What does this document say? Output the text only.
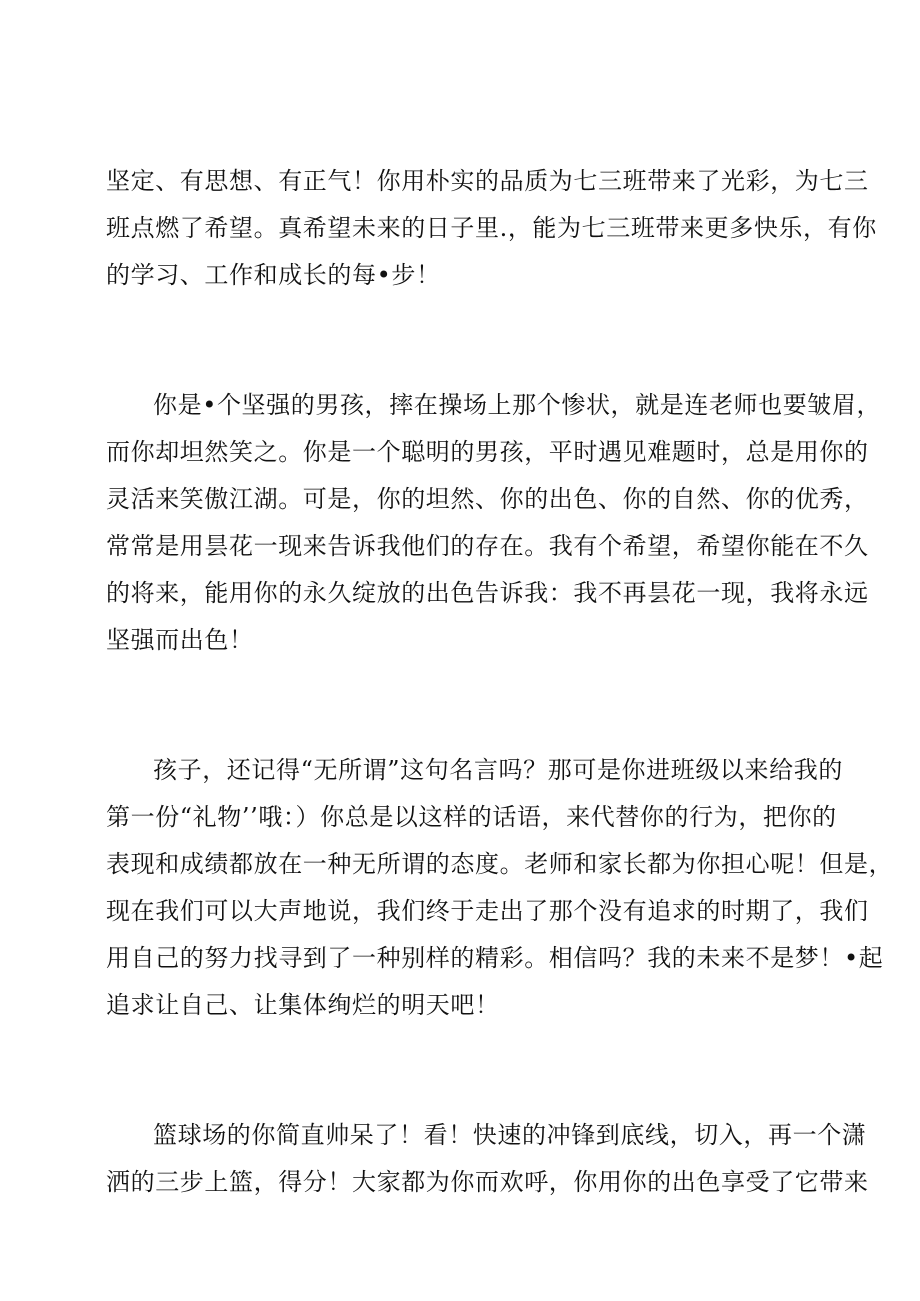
坚定、有思想、有正气！你用朴实的品质为七三班带来了光彩，为七三
班点燃了希望。真希望未来的日子里.，能为七三班带来更多快乐，有你
的学习、工作和成长的每•步！

你是•个坚强的男孩，摔在操场上那个惨状，就是连老师也要皱眉，
而你却坦然笑之。你是一个聪明的男孩，平时遇见难题时，总是用你的
灵活来笑傲江湖。可是，你的坦然、你的出色、你的自然、你的优秀，
常常是用昙花一现来告诉我他们的存在。我有个希望，希望你能在不久
的将来，能用你的永久绽放的出色告诉我：我不再昙花一现，我将永远
坚强而出色！

孩子，还记得“无所谓”这句名言吗？那可是你进班级以来给我的
第一份“礼物’’哦：）你总是以这样的话语，来代替你的行为，把你的
表现和成绩都放在一种无所谓的态度。老师和家长都为你担心呢！但是，
现在我们可以大声地说，我们终于走出了那个没有追求的时期了，我们
用自己的努力找寻到了一种别样的精彩。相信吗？我的未来不是梦！•起
追求让自己、让集体绚烂的明天吧！

篮球场的你简直帅呆了！看！快速的冲锋到底线，切入，再一个潇
洒的三步上篮，得分！大家都为你而欢呼，你用你的出色享受了它带来
